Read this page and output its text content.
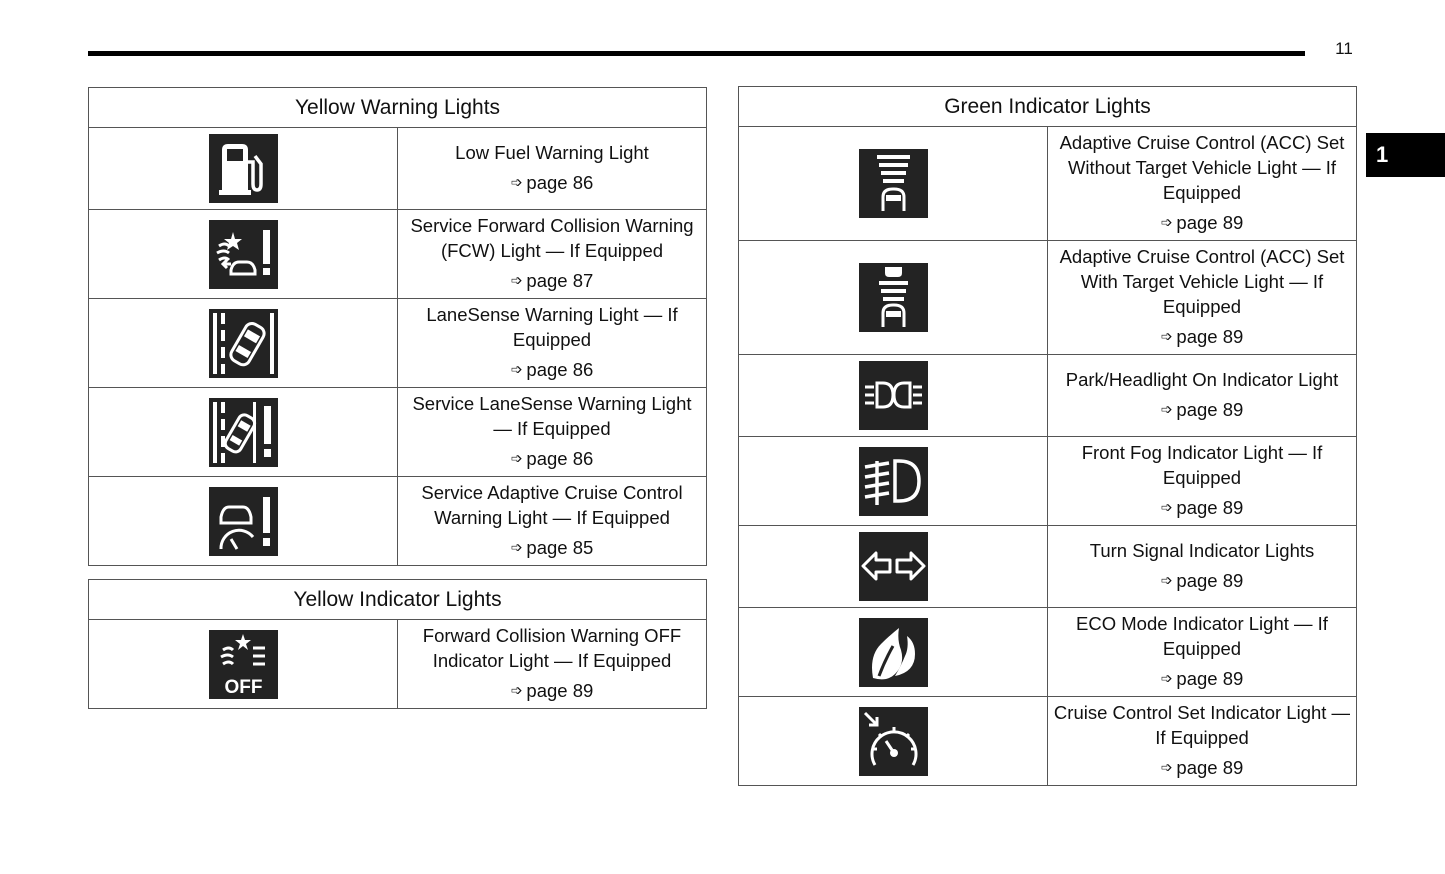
11
1
Yellow Warning Lights	

	Low Fuel Warning Light
➩ page 86

	Service Forward Collision Warning (FCW) Light — If Equipped
➩ page 87

	LaneSense Warning Light — If Equipped
➩ page 86

	Service LaneSense Warning Light — If Equipped
➩ page 86

	Service Adaptive Cruise Control Warning Light — If Equipped
➩ page 85
Yellow Indicator Lights

OFF
	Forward Collision Warning OFF Indicator Light — If Equipped
➩ page 89
Green Indicator Lights	

	Adaptive Cruise Control (ACC) Set Without Target Vehicle Light — If Equipped
➩ page 89

	Adaptive Cruise Control (ACC) Set With Target Vehicle Light — If Equipped
➩ page 89

	Park/Headlight On Indicator Light
➩ page 89

	Front Fog Indicator Light — If Equipped
➩ page 89

	Turn Signal Indicator Lights
➩ page 89

	ECO Mode Indicator Light — If Equipped
➩ page 89

	Cruise Control Set Indicator Light — If Equipped
➩ page 89
